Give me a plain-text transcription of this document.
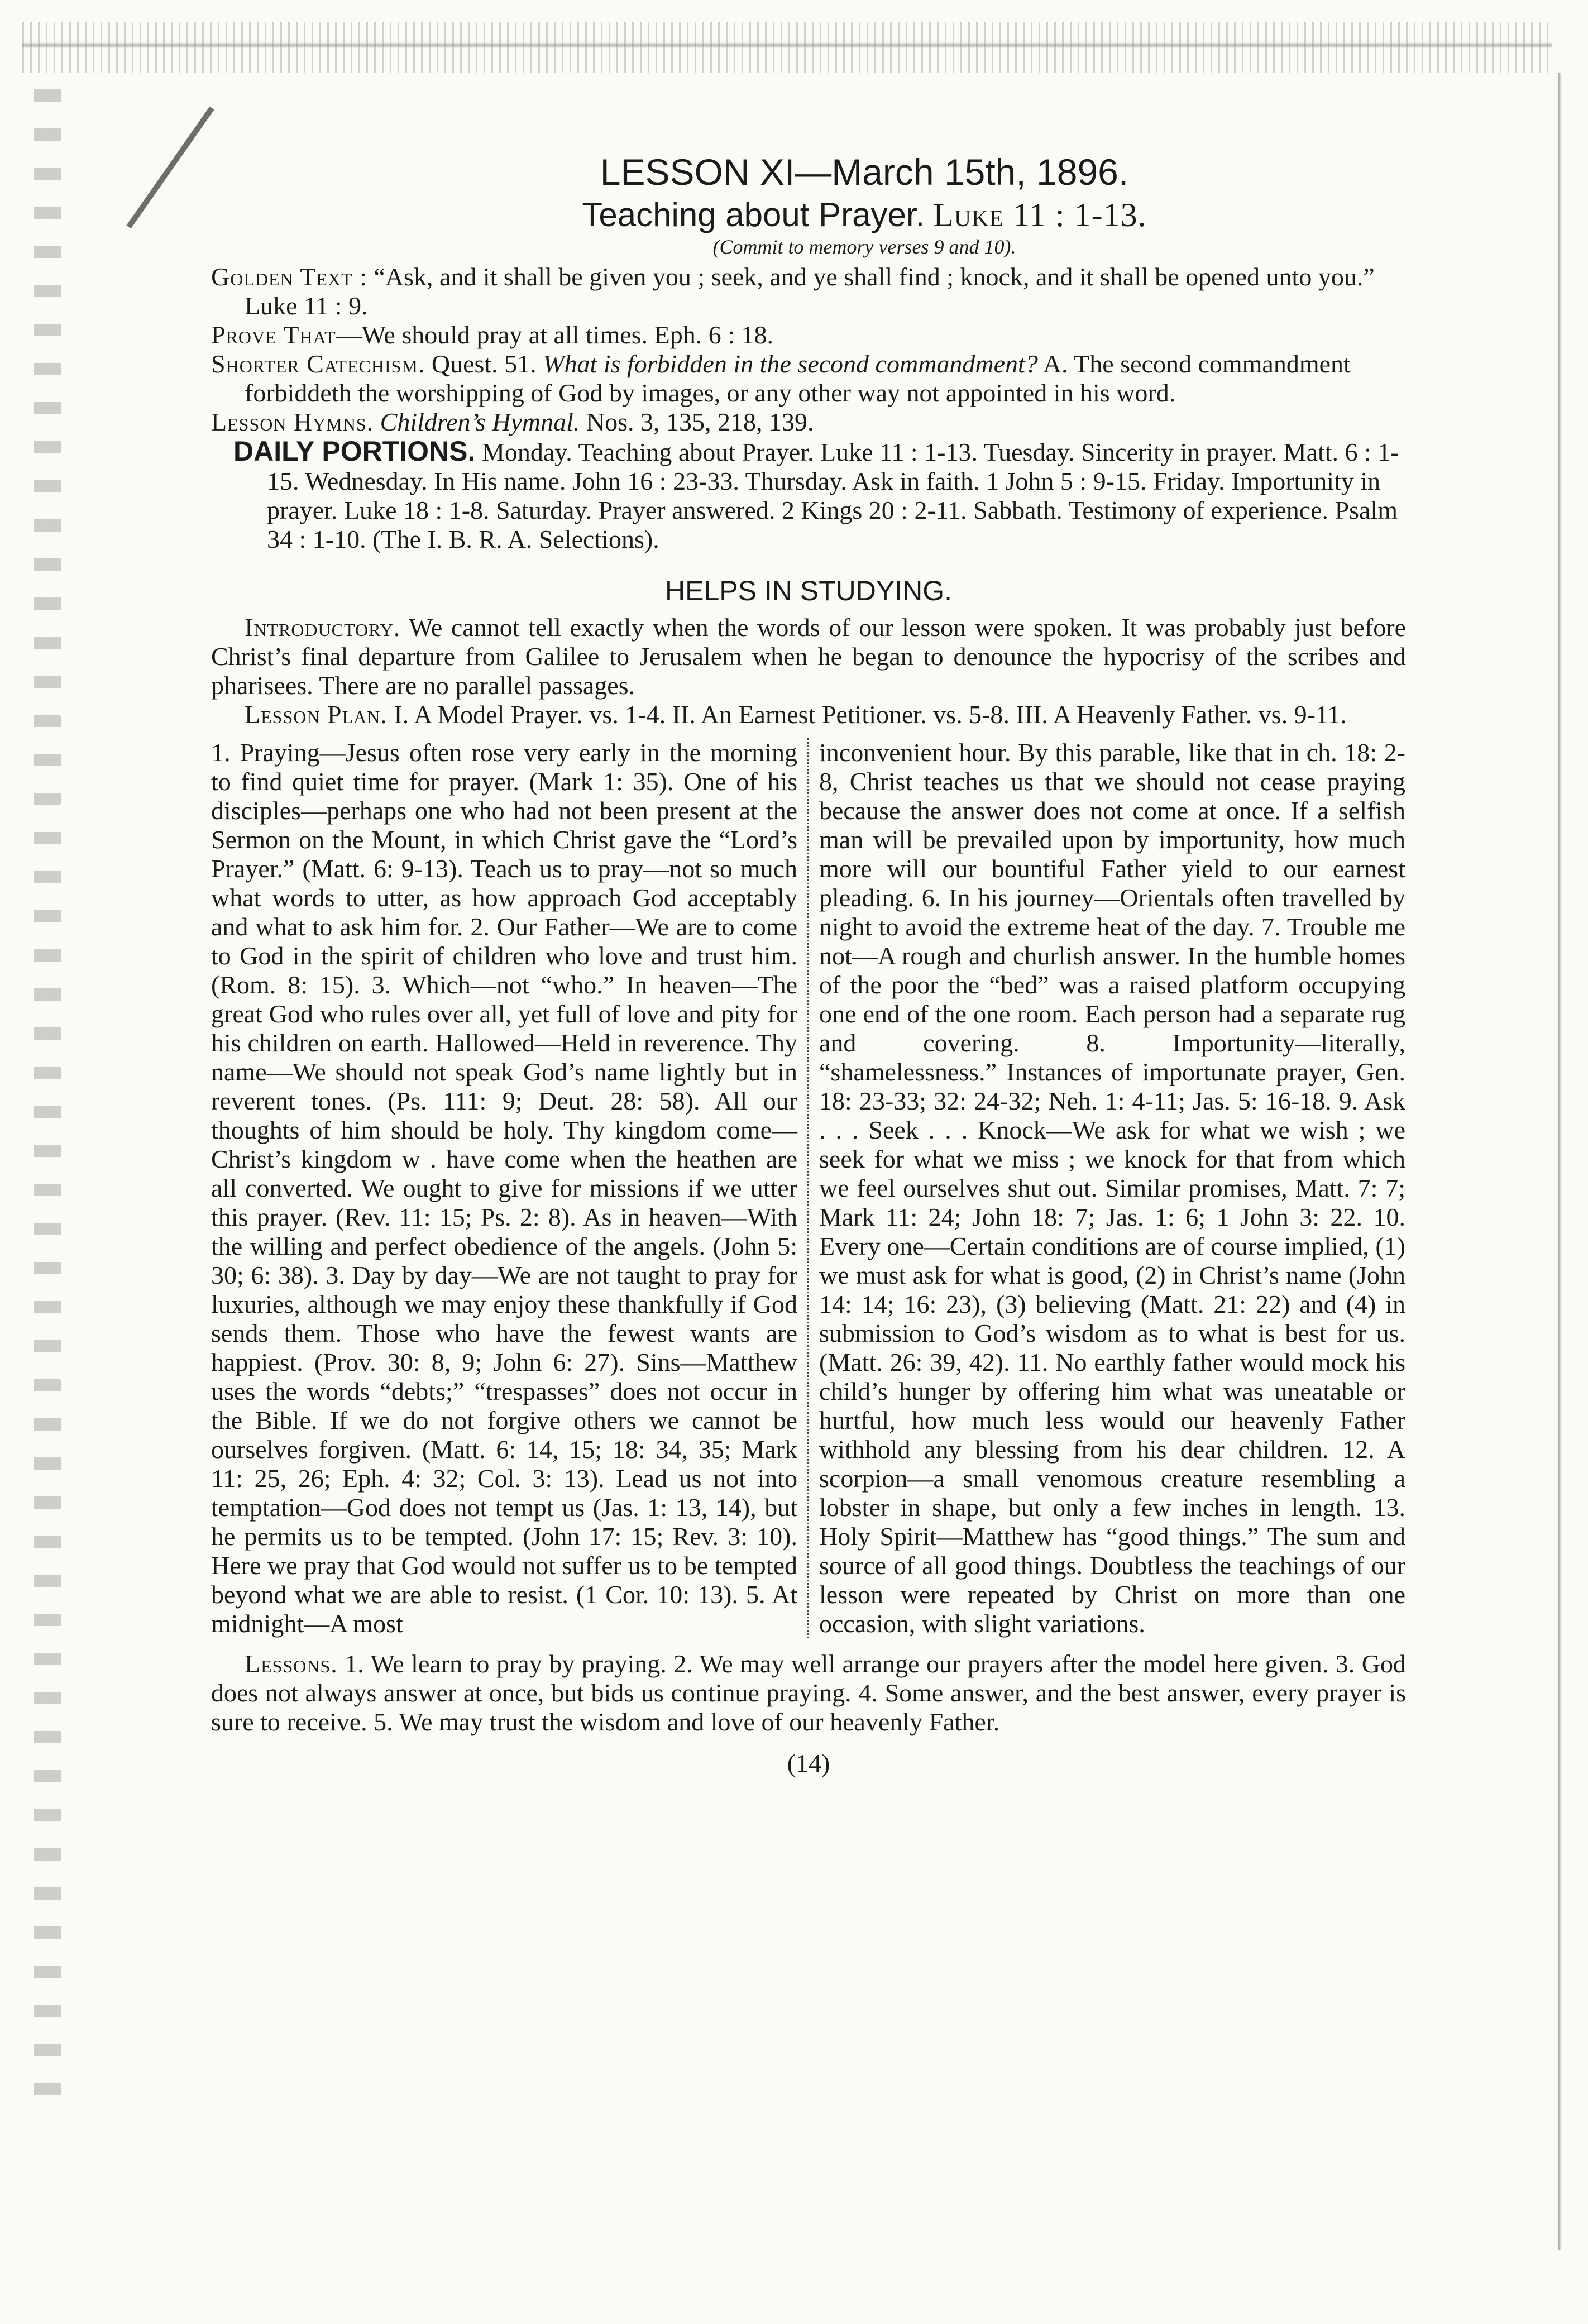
LESSON XI—March 15th, 1896.
Teaching about Prayer. Luke 11 : 1-13.
(Commit to memory verses 9 and 10).

Golden Text : “Ask, and it shall be given you ; seek, and ye shall find ; knock, and it shall be opened unto you.” Luke 11 : 9.

Prove That—We should pray at all times. Eph. 6 : 18.

Shorter Catechism. Quest. 51. What is forbidden in the second commandment? A. The second commandment forbiddeth the worshipping of God by images, or any other way not appointed in his word.

Lesson Hymns. Children’s Hymnal. Nos. 3, 135, 218, 139.

DAILY PORTIONS. Monday. Teaching about Prayer. Luke 11 : 1-13. Tuesday. Sincerity in prayer. Matt. 6 : 1-15. Wednesday. In His name. John 16 : 23-33. Thursday. Ask in faith. 1 John 5 : 9-15. Friday. Importunity in prayer. Luke 18 : 1-8. Saturday. Prayer answered. 2 Kings 20 : 2-11. Sabbath. Testimony of experience. Psalm 34 : 1-10. (The I. B. R. A. Selections).

HELPS IN STUDYING.

Introductory. We cannot tell exactly when the words of our lesson were spoken. It was probably just before Christ’s final departure from Galilee to Jerusalem when he began to denounce the hypocrisy of the scribes and pharisees. There are no parallel passages.

Lesson Plan. I. A Model Prayer. vs. 1-4. II. An Earnest Petitioner. vs. 5-8. III. A Heavenly Father. vs. 9-11.

1. Praying—Jesus often rose very early in the morning to find quiet time for prayer. (Mark 1: 35). One of his disciples—perhaps one who had not been present at the Sermon on the Mount, in which Christ gave the “Lord’s Prayer.” (Matt. 6: 9-13). Teach us to pray—not so much what words to utter, as how approach God acceptably and what to ask him for. 2. Our Father—We are to come to God in the spirit of children who love and trust him. (Rom. 8: 15). 3. Which—not “who.” In heaven—The great God who rules over all, yet full of love and pity for his children on earth. Hallowed—Held in reverence. Thy name—We should not speak God’s name lightly but in reverent tones. (Ps. 111: 9; Deut. 28: 58). All our thoughts of him should be holy. Thy kingdom come—Christ’s kingdom w . have come when the heathen are all converted. We ought to give for missions if we utter this prayer. (Rev. 11: 15; Ps. 2: 8). As in heaven—With the willing and perfect obedience of the angels. (John 5: 30; 6: 38). 3. Day by day—We are not taught to pray for luxuries, although we may enjoy these thankfully if God sends them. Those who have the fewest wants are happiest. (Prov. 30: 8, 9; John 6: 27). Sins—Matthew uses the words “debts;” “trespasses” does not occur in the Bible. If we do not forgive others we cannot be ourselves forgiven. (Matt. 6: 14, 15; 18: 34, 35; Mark 11: 25, 26; Eph. 4: 32; Col. 3: 13). Lead us not into temptation—God does not tempt us (Jas. 1: 13, 14), but he permits us to be tempted. (John 17: 15; Rev. 3: 10). Here we pray that God would not suffer us to be tempted beyond what we are able to resist. (1 Cor. 10: 13). 5. At midnight—A most
inconvenient hour. By this parable, like that in ch. 18: 2-8, Christ teaches us that we should not cease praying because the answer does not come at once. If a selfish man will be prevailed upon by importunity, how much more will our bountiful Father yield to our earnest pleading. 6. In his journey—Orientals often travelled by night to avoid the extreme heat of the day. 7. Trouble me not—A rough and churlish answer. In the humble homes of the poor the “bed” was a raised platform occupying one end of the one room. Each person had a separate rug and covering. 8. Importunity—literally, “shamelessness.” Instances of importunate prayer, Gen. 18: 23-33; 32: 24-32; Neh. 1: 4-11; Jas. 5: 16-18. 9. Ask . . . Seek . . . Knock—We ask for what we wish ; we seek for what we miss ; we knock for that from which we feel ourselves shut out. Similar promises, Matt. 7: 7; Mark 11: 24; John 18: 7; Jas. 1: 6; 1 John 3: 22. 10. Every one—Certain conditions are of course implied, (1) we must ask for what is good, (2) in Christ’s name (John 14: 14; 16: 23), (3) believing (Matt. 21: 22) and (4) in submission to God’s wisdom as to what is best for us. (Matt. 26: 39, 42). 11. No earthly father would mock his child’s hunger by offering him what was uneatable or hurtful, how much less would our heavenly Father withhold any blessing from his dear children. 12. A scorpion—a small venomous creature resembling a lobster in shape, but only a few inches in length. 13. Holy Spirit—Matthew has “good things.” The sum and source of all good things. Doubtless the teachings of our lesson were repeated by Christ on more than one occasion, with slight variations.

Lessons. 1. We learn to pray by praying. 2. We may well arrange our prayers after the model here given. 3. God does not always answer at once, but bids us continue praying. 4. Some answer, and the best answer, every prayer is sure to receive. 5. We may trust the wisdom and love of our heavenly Father.

(14)
